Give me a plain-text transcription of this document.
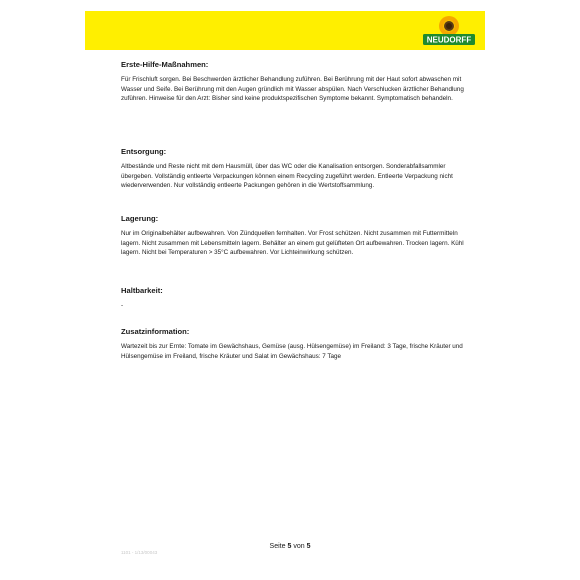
NEUDORFF

Erste-Hilfe-Maßnahmen:

Für Frischluft sorgen. Bei Beschwerden ärztlicher Behandlung zuführen. Bei Berührung mit der Haut sofort abwaschen mit Wasser und Seife. Bei Berührung mit den Augen gründlich mit Wasser abspülen. Nach Verschlucken ärztlicher Behandlung zuführen. Hinweise für den Arzt: Bisher sind keine produktspezifischen Symptome bekannt. Symptomatisch behandeln.

Entsorgung:

Altbestände und Reste nicht mit dem Hausmüll, über das WC oder die Kanalisation entsorgen. Sonderabfallsammler übergeben. Vollständig entleerte Verpackungen können einem Recycling zugeführt werden. Entleerte Verpackung nicht wiederverwenden. Nur vollständig entleerte Packungen gehören in die Wertstoffsammlung.

Lagerung:

Nur im Originalbehälter aufbewahren. Von Zündquellen fernhalten. Vor Frost schützen. Nicht zusammen mit Futtermitteln lagern. Nicht zusammen mit Lebensmitteln lagern. Behälter an einem gut gelüfteten Ort aufbewahren. Trocken lagern. Kühl lagern. Nicht bei Temperaturen > 35°C aufbewahren. Vor Lichteinwirkung schützen.

Haltbarkeit:

-

Zusatzinformation:

Wartezeit bis zur Ernte: Tomate im Gewächshaus, Gemüse (ausg. Hülsengemüse) im Freiland: 3 Tage, frische Kräuter und Hülsengemüse im Freiland, frische Kräuter und Salat im Gewächshaus: 7 Tage

1101 - 1/13/00043
Seite 5 von 5
